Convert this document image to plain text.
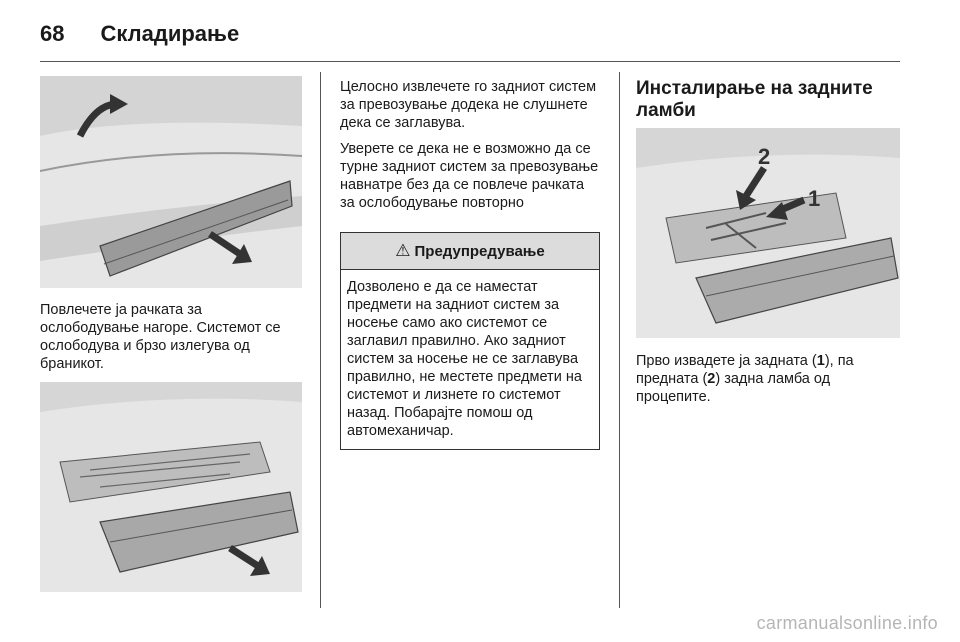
68 Складирање

Повлечете ја рачката за ослободување нагоре. Системот се ослободува и брзо излегува од браникот.

Целосно извлечете го задниот систем за превозување додека не слушнете дека се заглавува.

Уверете се дека не е возможно да се турне задниот систем за превозување навнатре без да се повлече рачката за ослободување повторно

⚠ Предупредување
Дозволено е да се наместат предмети на задниот систем за носење само ако системот се заглавил правилно. Ако задниот систем за носење не се заглавува правилно, не местете предмети на системот и лизнете го системот назад. Побарајте помош од автомеханичар.
Инсталирање на задните ламби
2
1

Прво извадете ја задната (1), па предната (2) задна ламба од процепите.

carmanualsonline.info
